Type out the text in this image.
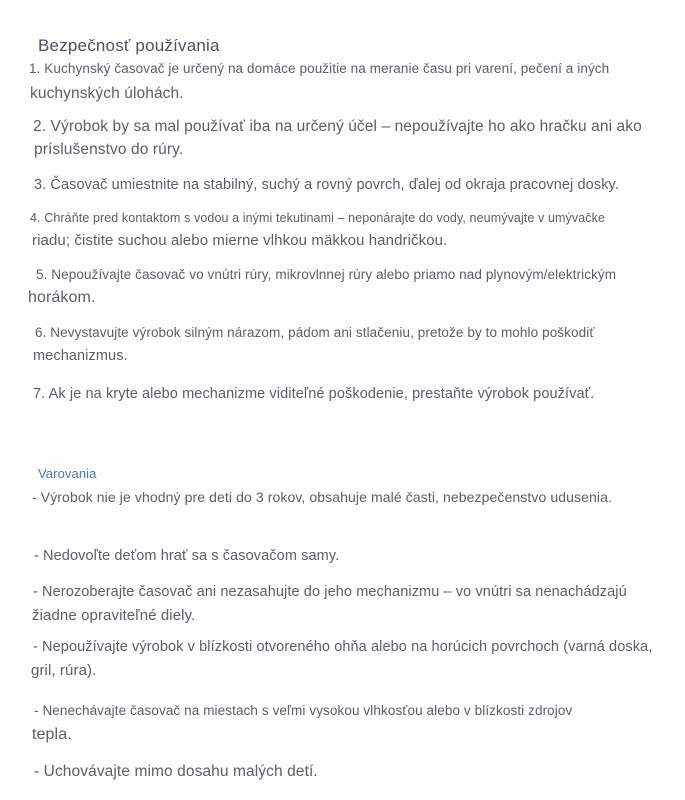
Bezpečnosť používania
1. Kuchynský časovač je určený na domáce použitie na meranie času pri varení, pečení a iných
kuchynských úlohách.
2. Výrobok by sa mal používať iba na určený účel – nepoužívajte ho ako hračku ani ako
príslušenstvo do rúry.
3. Časovač umiestnite na stabilný, suchý a rovný povrch, ďalej od okraja pracovnej dosky.
4. Chráňte pred kontaktom s vodou a inými tekutinami – neponárajte do vody, neumývajte v umývačke
riadu; čistite suchou alebo mierne vlhkou mäkkou handričkou.
5. Nepoužívajte časovač vo vnútri rúry, mikrovlnnej rúry alebo priamo nad plynovým/elektrickým
horákom.
6. Nevystavujte výrobok silným nárazom, pádom ani stlačeniu, pretože by to mohlo poškodiť
mechanizmus.
7. Ak je na kryte alebo mechanizme viditeľné poškodenie, prestaňte výrobok používať.
Varovania
- Výrobok nie je vhodný pre deti do 3 rokov, obsahuje malé časti, nebezpečenstvo udusenia.
- Nedovoľte deťom hrať sa s časovačom samy.
- Nerozoberajte časovač ani nezasahujte do jeho mechanizmu – vo vnútri sa nenachádzajú
žiadne opraviteľné diely.
- Nepoužívajte výrobok v blízkosti otvoreného ohňa alebo na horúcich povrchoch (varná doska,
gril, rúra).
- Nenechávajte časovač na miestach s veľmi vysokou vlhkosťou alebo v blízkosti zdrojov
tepla.
- Uchovávajte mimo dosahu malých detí.
